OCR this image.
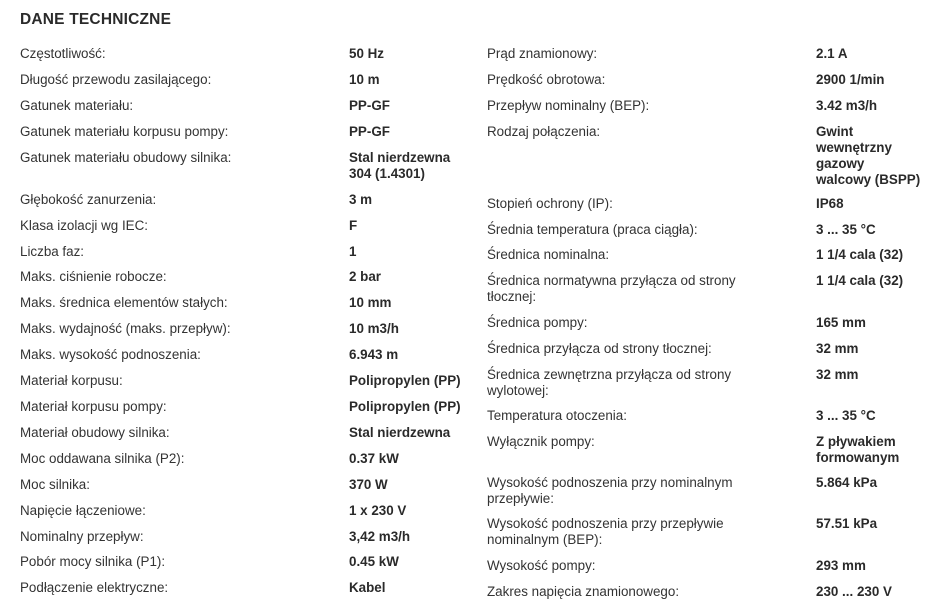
DANE TECHNICZNE
Częstotliwość:	50 Hz
Długość przewodu zasilającego:	10 m
Gatunek materiału:	PP-GF
Gatunek materiału korpusu pompy:	PP-GF
Gatunek materiału obudowy silnika:	Stal nierdzewna 304 (1.4301)
Głębokość zanurzenia:	3 m
Klasa izolacji wg IEC:	F
Liczba faz:	1
Maks. ciśnienie robocze:	2 bar
Maks. średnica elementów stałych:	10 mm
Maks. wydajność (maks. przepływ):	10 m3/h
Maks. wysokość podnoszenia:	6.943 m
Materiał korpusu:	Polipropylen (PP)
Materiał korpusu pompy:	Polipropylen (PP)
Materiał obudowy silnika:	Stal nierdzewna
Moc oddawana silnika (P2):	0.37 kW
Moc silnika:	370 W
Napięcie łączeniowe:	1 x 230 V
Nominalny przepływ:	3,42 m3/h
Pobór mocy silnika (P1):	0.45 kW
Podłączenie elektryczne:	Kabel
Prąd znamionowy:	2.1 A
Prędkość obrotowa:	2900 1/min
Przepływ nominalny (BEP):	3.42 m3/h
Rodzaj połączenia:	Gwint wewnętrzny gazowy walcowy (BSPP)
Stopień ochrony (IP):	IP68
Średnia temperatura (praca ciągła):	3 ... 35 °C
Średnica nominalna:	1 1/4 cala (32)
Średnica normatywna przyłącza od strony tłocznej:
1 1/4 cala (32)
Średnica pompy:	165 mm
Średnica przyłącza od strony tłocznej:	32 mm
Średnica zewnętrzna przyłącza od strony wylotowej:
32 mm
Temperatura otoczenia:	3 ... 35 °C
Wyłącznik pompy:	Z pływakiem formowanym
Wysokość podnoszenia przy nominalnym przepływie:
5.864 kPa
Wysokość podnoszenia przy przepływie nominalnym (BEP):
57.51 kPa
Wysokość pompy:	293 mm
Zakres napięcia znamionowego:	230 ... 230 V
